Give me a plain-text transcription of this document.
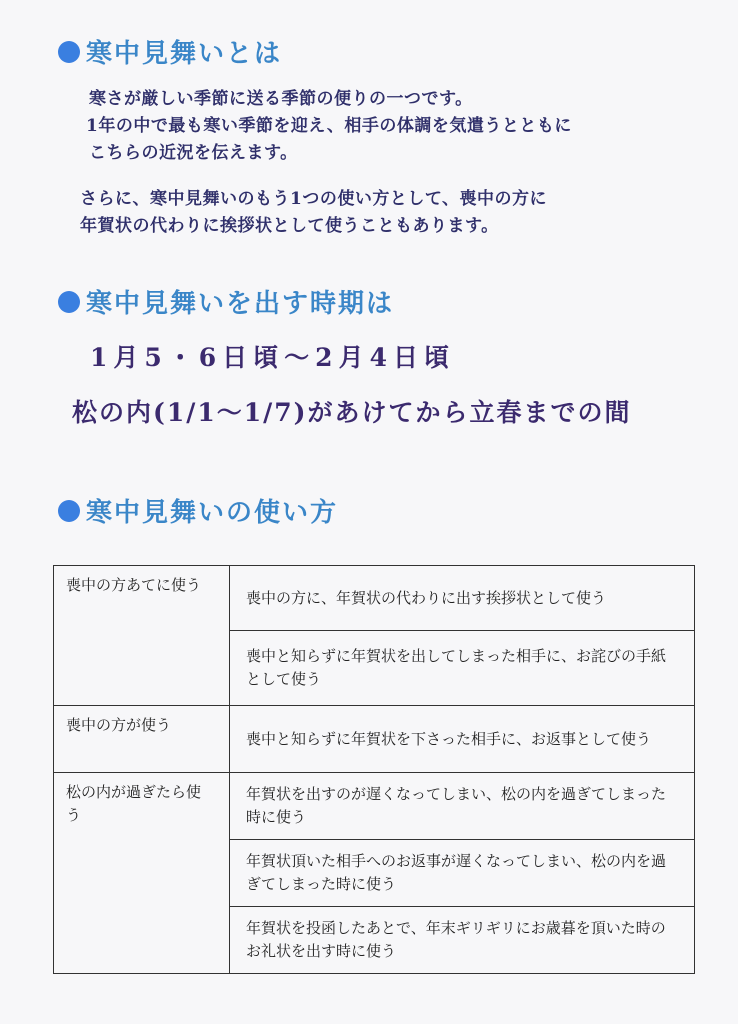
寒中見舞いとは
寒さが厳しい季節に送る季節の便りの一つです。
1年の中で最も寒い季節を迎え、相手の体調を気遣うとともに
こちらの近況を伝えます。
さらに、寒中見舞いのもう1つの使い方として、喪中の方に
年賀状の代わりに挨拶状として使うこともあります。
寒中見舞いを出す時期は
1月5・6日頃〜2月4日頃
松の内(1/1〜1/7)があけてから立春までの間
寒中見舞いの使い方
喪中の方あてに使う	喪中の方に、年賀状の代わりに出す挨拶状として使う
	喪中と知らずに年賀状を出してしまった相手に、お詫びの手紙として使う
喪中の方が使う	喪中と知らずに年賀状を下さった相手に、お返事として使う
松の内が過ぎたら使う	年賀状を出すのが遅くなってしまい、松の内を過ぎてしまった時に使う
	年賀状頂いた相手へのお返事が遅くなってしまい、松の内を過ぎてしまった時に使う
	年賀状を投函したあとで、年末ギリギリにお歳暮を頂いた時のお礼状を出す時に使う
